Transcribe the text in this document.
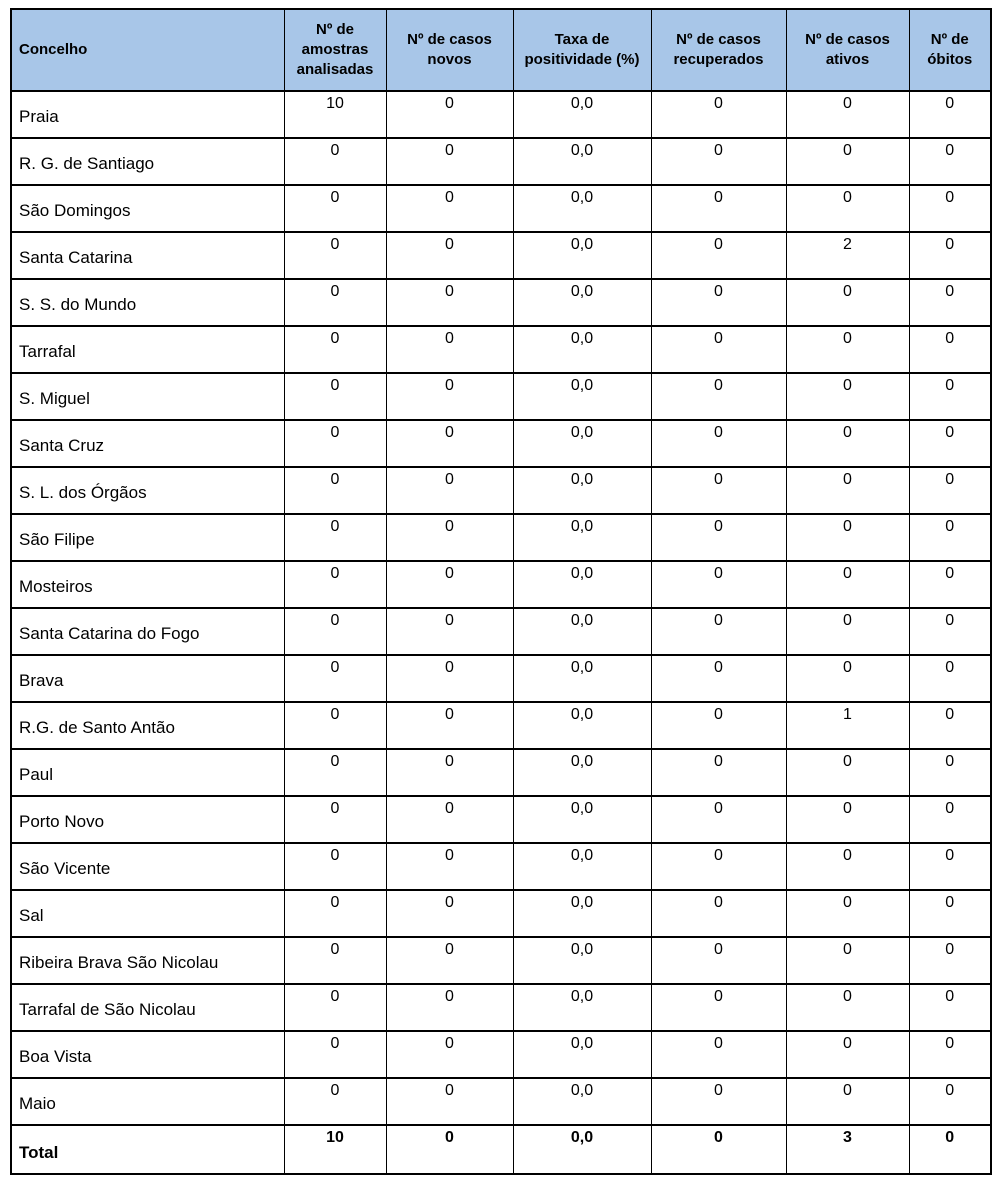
Concelho	Nº de amostras analisadas	Nº de casos novos	Taxa de positividade (%)	Nº de casos recuperados	Nº de casos ativos	Nº de óbitos
Praia	10	0	0,0	0	0	0
R. G. de Santiago	0	0	0,0	0	0	0
São Domingos	0	0	0,0	0	0	0
Santa Catarina	0	0	0,0	0	2	0
S. S. do Mundo	0	0	0,0	0	0	0
Tarrafal	0	0	0,0	0	0	0
S. Miguel	0	0	0,0	0	0	0
Santa Cruz	0	0	0,0	0	0	0
S. L. dos Órgãos	0	0	0,0	0	0	0
São Filipe	0	0	0,0	0	0	0
Mosteiros	0	0	0,0	0	0	0
Santa Catarina do Fogo	0	0	0,0	0	0	0
Brava	0	0	0,0	0	0	0
R.G. de Santo Antão	0	0	0,0	0	1	0
Paul	0	0	0,0	0	0	0
Porto Novo	0	0	0,0	0	0	0
São Vicente	0	0	0,0	0	0	0
Sal	0	0	0,0	0	0	0
Ribeira Brava São Nicolau	0	0	0,0	0	0	0
Tarrafal de São Nicolau	0	0	0,0	0	0	0
Boa Vista	0	0	0,0	0	0	0
Maio	0	0	0,0	0	0	0
Total	10	0	0,0	0	3	0
